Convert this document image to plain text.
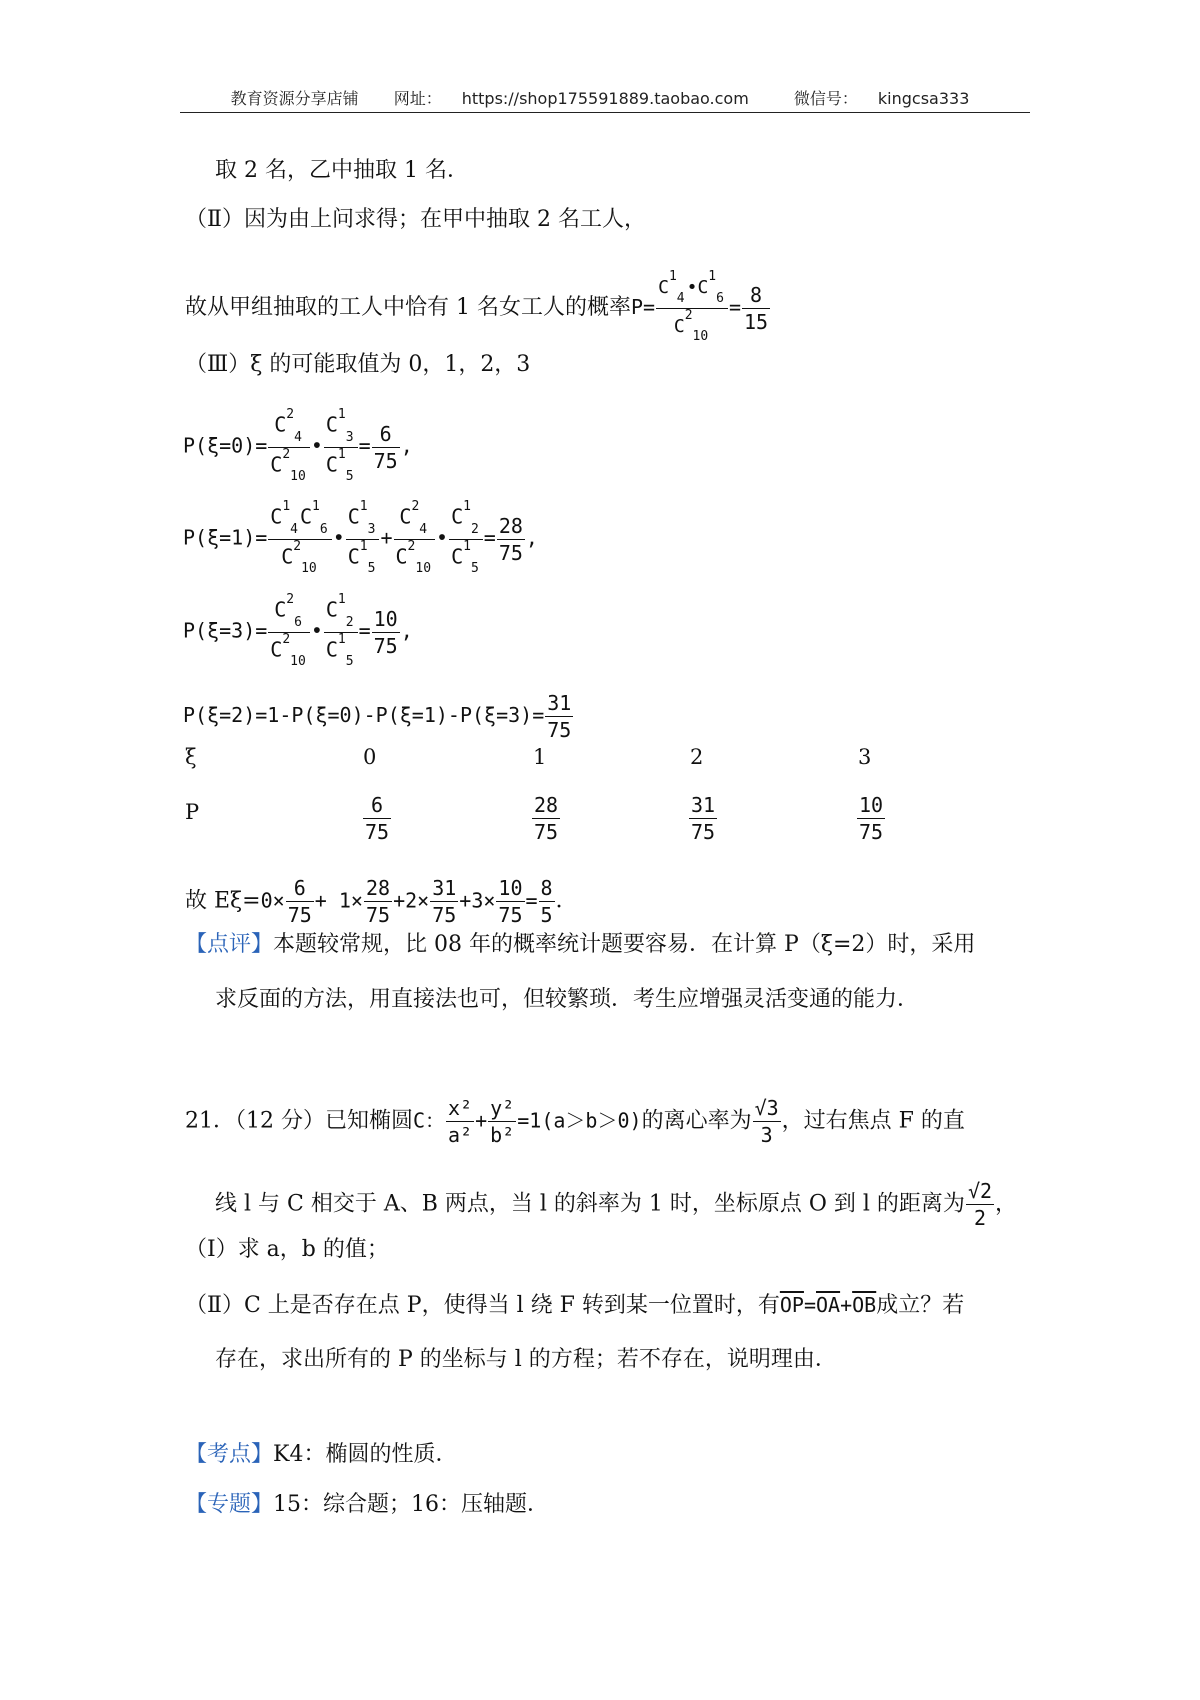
教育资源分享店铺 网址： https://shop175591889.taobao.com	微信号： kingcsa333
取 2 名，乙中抽取 1 名．
（Ⅱ）因为由上问求得；在甲中抽取 2 名工人，
故从甲组抽取的工人中恰有 1 名女工人的概率$P= \frac{C^1_4•C^1_6}{C^2_{10}} = \frac{8}{15}$
（Ⅲ）ξ 的可能取值为 0，1，2，3
$P(\xi=0)= \frac{C^2_4}{C^2_{10}}$ • $\frac{C^1_3}{C^1_5} = \frac{6}{75}$ ,
$P(\xi=1)= \frac{C^1_4C^1_6}{C^2_{10}}$ • $\frac{C^1_3}{C^1_5} + \frac{C^2_4}{C^2_{10}}$ • $\frac{C^1_2}{C^1_5} = \frac{28}{75}$ ,
$P(\xi=3)= \frac{C^2_6}{C^2_{10}}$ • $\frac{C^1_2}{C^1_5} = \frac{10}{75}$ ,
$P(\xi=2)=1-P(\xi=0)-P(\xi=1)-P(\xi=3)= \frac{31}{75}$
ξ	0	1	2	3
P	$\frac{6}{75}$	$\frac{28}{75}$	$\frac{31}{75}$	$\frac{10}{75}$
故 $E\xi=0\times \frac{6}{75} + 1\times \frac{28}{75} +2\times \frac{31}{75} +3\times \frac{10}{75} = \frac{8}{5}$ ．
【点评】本题较常规，比 08 年的概率统计题要容易．在计算 P（ξ=2）时，采用
求反面的方法，用直接法也可，但较繁琐．考生应增强灵活变通的能力．
21．（12 分）已知椭圆C： $\frac{\text{x²}}{\text{a²}} + \frac{\text{y²}}{\text{b²}} =1(a>b>0)$的离心率为 $\frac{√3}{3}$ ，过右焦点 F 的直
线 l 与 C 相交于 A、B 两点，当 l 的斜率为 1 时，坐标原点 O 到 l 的距离为 $\frac{√2}{2}$ ，
（Ⅰ）求 a，b 的值；
（Ⅱ）C 上是否存在点 P，使得当 l 绕 F 转到某一位置时，有$\overline{OP}=\overline{OA}+\overline{OB}$成立？若
存在，求出所有的 P 的坐标与 l 的方程；若不存在，说明理由．
【考点】K4：椭圆的性质．
【专题】15：综合题；16：压轴题．
